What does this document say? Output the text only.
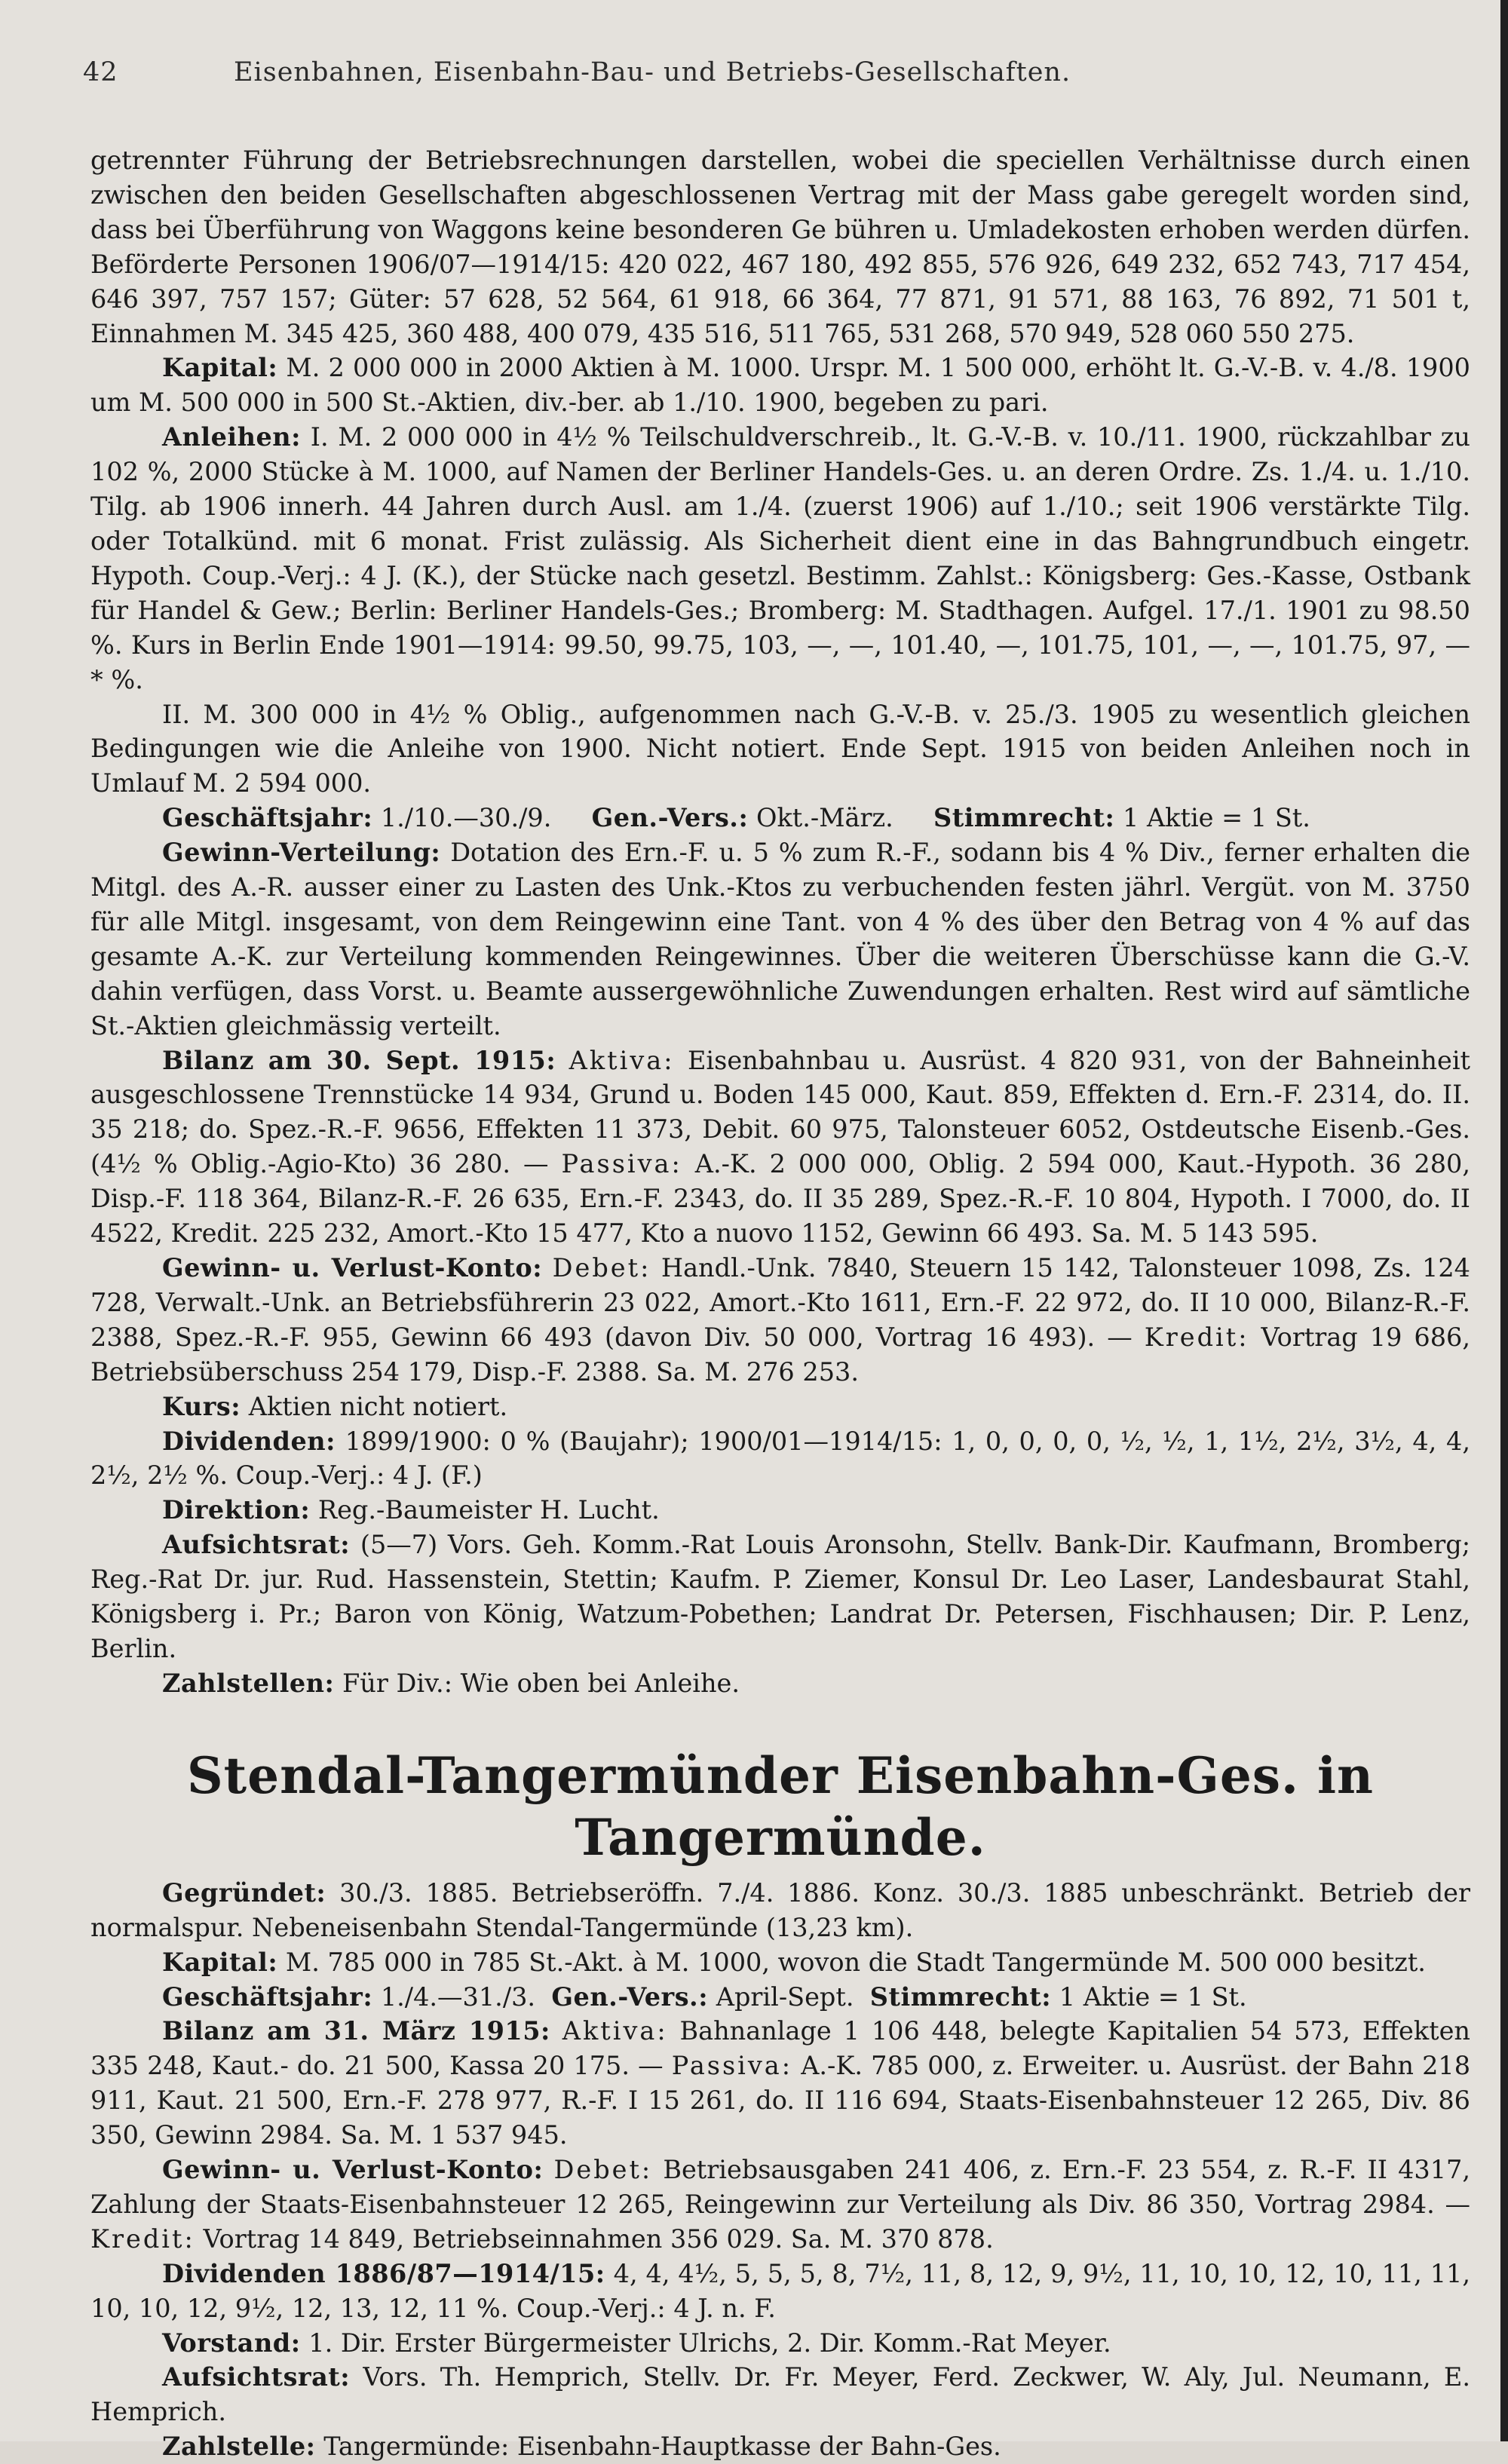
42	Eisenbahnen, Eisenbahn-Bau- und Betriebs-Gesellschaften.

getrennter Führung der Betriebsrechnungen darstellen, wobei die speciellen Verhältnisse durch einen zwischen den beiden Gesellschaften abgeschlossenen Vertrag mit der Mass gabe geregelt worden sind, dass bei Überführung von Waggons keine besonderen Ge bühren u. Umladekosten erhoben werden dürfen. Beförderte Personen 1906/07—1914/15: 420 022, 467 180, 492 855, 576 926, 649 232, 652 743, 717 454, 646 397, 757 157; Güter: 57 628, 52 564, 61 918, 66 364, 77 871, 91 571, 88 163, 76 892, 71 501 t, Einnahmen M. 345 425, 360 488, 400 079, 435 516, 511 765, 531 268, 570 949, 528 060 550 275.

Kapital: M. 2 000 000 in 2000 Aktien à M. 1000. Urspr. M. 1 500 000, erhöht lt. G.-V.-B. v. 4./8. 1900 um M. 500 000 in 500 St.-Aktien, div.-ber. ab 1./10. 1900, begeben zu pari.

Anleihen: I. M. 2 000 000 in 4½ % Teilschuldverschreib., lt. G.-V.-B. v. 10./11. 1900, rückzahlbar zu 102 %, 2000 Stücke à M. 1000, auf Namen der Berliner Handels-Ges. u. an deren Ordre. Zs. 1./4. u. 1./10. Tilg. ab 1906 innerh. 44 Jahren durch Ausl. am 1./4. (zuerst 1906) auf 1./10.; seit 1906 verstärkte Tilg. oder Totalkünd. mit 6 monat. Frist zulässig. Als Sicherheit dient eine in das Bahngrundbuch eingetr. Hypoth. Coup.-Verj.: 4 J. (K.), der Stücke nach gesetzl. Bestimm. Zahlst.: Königsberg: Ges.-Kasse, Ostbank für Handel & Gew.; Berlin: Berliner Handels-Ges.; Bromberg: M. Stadthagen. Aufgel. 17./1. 1901 zu 98.50 %. Kurs in Berlin Ende 1901—1914: 99.50, 99.75, 103, —, —, 101.40, —, 101.75, 101, —, —, 101.75, 97, —* %.

II. M. 300 000 in 4½ % Oblig., aufgenommen nach G.-V.-B. v. 25./3. 1905 zu wesentlich gleichen Bedingungen wie die Anleihe von 1900. Nicht notiert. Ende Sept. 1915 von beiden Anleihen noch in Umlauf M. 2 594 000.

Geschäftsjahr: 1./10.—30./9. Gen.-Vers.: Okt.-März. Stimmrecht: 1 Aktie = 1 St.

Gewinn-Verteilung: Dotation des Ern.-F. u. 5 % zum R.-F., sodann bis 4 % Div., ferner erhalten die Mitgl. des A.-R. ausser einer zu Lasten des Unk.-Ktos zu verbuchenden festen jährl. Vergüt. von M. 3750 für alle Mitgl. insgesamt, von dem Reingewinn eine Tant. von 4 % des über den Betrag von 4 % auf das gesamte A.-K. zur Verteilung kommenden Reingewinnes. Über die weiteren Überschüsse kann die G.-V. dahin verfügen, dass Vorst. u. Beamte aussergewöhnliche Zuwendungen erhalten. Rest wird auf sämtliche St.-Aktien gleichmässig verteilt.

Bilanz am 30. Sept. 1915: Aktiva: Eisenbahnbau u. Ausrüst. 4 820 931, von der Bahneinheit ausgeschlossene Trennstücke 14 934, Grund u. Boden 145 000, Kaut. 859, Effekten d. Ern.-F. 2314, do. II. 35 218; do. Spez.-R.-F. 9656, Effekten 11 373, Debit. 60 975, Talonsteuer 6052, Ostdeutsche Eisenb.-Ges. (4½ % Oblig.-Agio-Kto) 36 280. — Passiva: A.-K. 2 000 000, Oblig. 2 594 000, Kaut.-Hypoth. 36 280, Disp.-F. 118 364, Bilanz-R.-F. 26 635, Ern.-F. 2343, do. II 35 289, Spez.-R.-F. 10 804, Hypoth. I 7000, do. II 4522, Kredit. 225 232, Amort.-Kto 15 477, Kto a nuovo 1152, Gewinn 66 493. Sa. M. 5 143 595.

Gewinn- u. Verlust-Konto: Debet: Handl.-Unk. 7840, Steuern 15 142, Talonsteuer 1098, Zs. 124 728, Verwalt.-Unk. an Betriebsführerin 23 022, Amort.-Kto 1611, Ern.-F. 22 972, do. II 10 000, Bilanz-R.-F. 2388, Spez.-R.-F. 955, Gewinn 66 493 (davon Div. 50 000, Vortrag 16 493). — Kredit: Vortrag 19 686, Betriebsüberschuss 254 179, Disp.-F. 2388. Sa. M. 276 253.

Kurs: Aktien nicht notiert.

Dividenden: 1899/1900: 0 % (Baujahr); 1900/01—1914/15: 1, 0, 0, 0, 0, ½, ½, 1, 1½, 2½, 3½, 4, 4, 2½, 2½ %. Coup.-Verj.: 4 J. (F.)

Direktion: Reg.-Baumeister H. Lucht.

Aufsichtsrat: (5—7) Vors. Geh. Komm.-Rat Louis Aronsohn, Stellv. Bank-Dir. Kaufmann, Bromberg; Reg.-Rat Dr. jur. Rud. Hassenstein, Stettin; Kaufm. P. Ziemer, Konsul Dr. Leo Laser, Landesbaurat Stahl, Königsberg i. Pr.; Baron von König, Watzum-Pobethen; Landrat Dr. Petersen, Fischhausen; Dir. P. Lenz, Berlin.

Zahlstellen: Für Div.: Wie oben bei Anleihe.

Stendal-Tangermünder Eisenbahn-Ges. in Tangermünde.

Gegründet: 30./3. 1885. Betriebseröffn. 7./4. 1886. Konz. 30./3. 1885 unbeschränkt. Betrieb der normalspur. Nebeneisenbahn Stendal-Tangermünde (13,23 km).

Kapital: M. 785 000 in 785 St.-Akt. à M. 1000, wovon die Stadt Tangermünde M. 500 000 besitzt.

Geschäftsjahr: 1./4.—31./3. Gen.-Vers.: April-Sept. Stimmrecht: 1 Aktie = 1 St.

Bilanz am 31. März 1915: Aktiva: Bahnanlage 1 106 448, belegte Kapitalien 54 573, Effekten 335 248, Kaut.- do. 21 500, Kassa 20 175. — Passiva: A.-K. 785 000, z. Erweiter. u. Ausrüst. der Bahn 218 911, Kaut. 21 500, Ern.-F. 278 977, R.-F. I 15 261, do. II 116 694, Staats-Eisenbahnsteuer 12 265, Div. 86 350, Gewinn 2984. Sa. M. 1 537 945.

Gewinn- u. Verlust-Konto: Debet: Betriebsausgaben 241 406, z. Ern.-F. 23 554, z. R.-F. II 4317, Zahlung der Staats-Eisenbahnsteuer 12 265, Reingewinn zur Verteilung als Div. 86 350, Vortrag 2984. — Kredit: Vortrag 14 849, Betriebseinnahmen 356 029. Sa. M. 370 878.

Dividenden 1886/87—1914/15: 4, 4, 4½, 5, 5, 5, 8, 7½, 11, 8, 12, 9, 9½, 11, 10, 10, 12, 10, 11, 11, 10, 10, 12, 9½, 12, 13, 12, 11 %. Coup.-Verj.: 4 J. n. F.

Vorstand: 1. Dir. Erster Bürgermeister Ulrichs, 2. Dir. Komm.-Rat Meyer.

Aufsichtsrat: Vors. Th. Hemprich, Stellv. Dr. Fr. Meyer, Ferd. Zeckwer, W. Aly, Jul. Neumann, E. Hemprich.

Zahlstelle: Tangermünde: Eisenbahn-Hauptkasse der Bahn-Ges.
